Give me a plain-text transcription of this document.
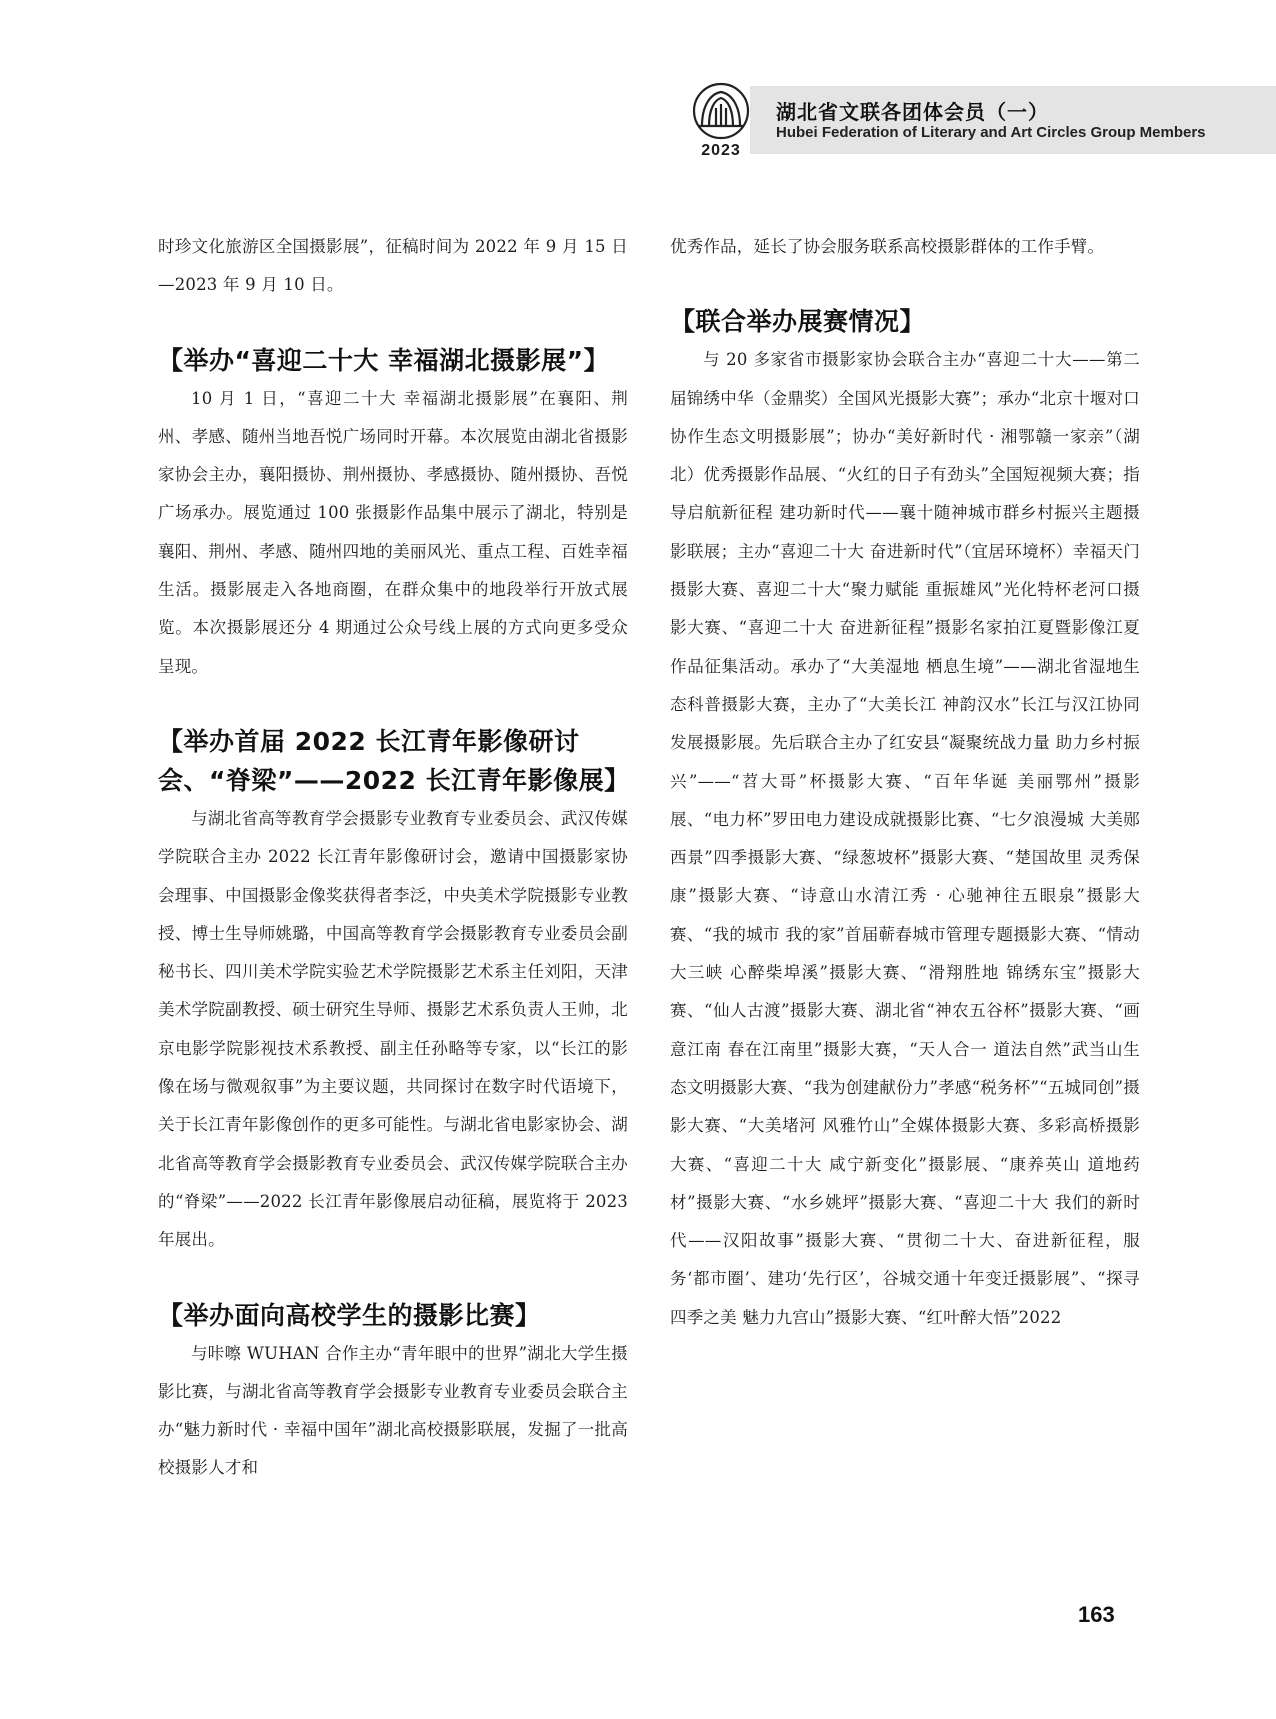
2023
湖北省文联各团体会员（一）
Hubei Federation of Literary and Art Circles Group Members

时珍文化旅游区全国摄影展”，征稿时间为 2022 年 9 月 15 日—2023 年 9 月 10 日。

【举办“喜迎二十大 幸福湖北摄影展”】

10 月 1 日，“喜迎二十大 幸福湖北摄影展”在襄阳、荆州、孝感、随州当地吾悦广场同时开幕。本次展览由湖北省摄影家协会主办，襄阳摄协、荆州摄协、孝感摄协、随州摄协、吾悦广场承办。展览通过 100 张摄影作品集中展示了湖北，特别是襄阳、荆州、孝感、随州四地的美丽风光、重点工程、百姓幸福生活。摄影展走入各地商圈，在群众集中的地段举行开放式展览。本次摄影展还分 4 期通过公众号线上展的方式向更多受众呈现。

【举办首届 2022 长江青年影像研讨会、“脊梁”——2022 长江青年影像展】

与湖北省高等教育学会摄影专业教育专业委员会、武汉传媒学院联合主办 2022 长江青年影像研讨会，邀请中国摄影家协会理事、中国摄影金像奖获得者李泛，中央美术学院摄影专业教授、博士生导师姚璐，中国高等教育学会摄影教育专业委员会副秘书长、四川美术学院实验艺术学院摄影艺术系主任刘阳，天津美术学院副教授、硕士研究生导师、摄影艺术系负责人王帅，北京电影学院影视技术系教授、副主任孙略等专家，以“长江的影像在场与微观叙事”为主要议题，共同探讨在数字时代语境下，关于长江青年影像创作的更多可能性。与湖北省电影家协会、湖北省高等教育学会摄影教育专业委员会、武汉传媒学院联合主办的“脊梁”——2022 长江青年影像展启动征稿，展览将于 2023 年展出。

【举办面向高校学生的摄影比赛】

与咔嚓 WUHAN 合作主办“青年眼中的世界”湖北大学生摄影比赛，与湖北省高等教育学会摄影专业教育专业委员会联合主办“魅力新时代 · 幸福中国年”湖北高校摄影联展，发掘了一批高校摄影人才和

优秀作品，延长了协会服务联系高校摄影群体的工作手臂。

【联合举办展赛情况】

与 20 多家省市摄影家协会联合主办“喜迎二十大——第二届锦绣中华（金鼎奖）全国风光摄影大赛”；承办“北京十堰对口协作生态文明摄影展”；协办“美好新时代 · 湘鄂赣一家亲”（湖北）优秀摄影作品展、“火红的日子有劲头”全国短视频大赛；指导启航新征程 建功新时代——襄十随神城市群乡村振兴主题摄影联展；主办“喜迎二十大 奋进新时代”（宜居环境杯）幸福天门摄影大赛、喜迎二十大“聚力赋能 重振雄风”光化特杯老河口摄影大赛、“喜迎二十大 奋进新征程”摄影名家拍江夏暨影像江夏作品征集活动。承办了“大美湿地 栖息生境”——湖北省湿地生态科普摄影大赛，主办了“大美长江 神韵汉水”长江与汉江协同发展摄影展。先后联合主办了红安县“凝聚统战力量 助力乡村振兴”——“苕大哥”杯摄影大赛、“百年华诞 美丽鄂州”摄影展、“电力杯”罗田电力建设成就摄影比赛、“七夕浪漫城 大美郧西景”四季摄影大赛、“绿葱坡杯”摄影大赛、“楚国故里 灵秀保康”摄影大赛、“诗意山水清江秀 · 心驰神往五眼泉”摄影大赛、“我的城市 我的家”首届蕲春城市管理专题摄影大赛、“情动大三峡 心醉柴埠溪”摄影大赛、“滑翔胜地 锦绣东宝”摄影大赛、“仙人古渡”摄影大赛、湖北省“神农五谷杯”摄影大赛、“画意江南 春在江南里”摄影大赛，“天人合一 道法自然”武当山生态文明摄影大赛、“我为创建献份力”孝感“税务杯”“五城同创”摄影大赛、“大美堵河 风雅竹山”全媒体摄影大赛、多彩高桥摄影大赛、“喜迎二十大 咸宁新变化”摄影展、“康养英山 道地药材”摄影大赛、“水乡姚坪”摄影大赛、“喜迎二十大 我们的新时代——汉阳故事”摄影大赛、“贯彻二十大、奋进新征程，服务‘都市圈’、建功‘先行区’，谷城交通十年变迁摄影展”、“探寻四季之美 魅力九宫山”摄影大赛、“红叶醉大悟”2022

163
